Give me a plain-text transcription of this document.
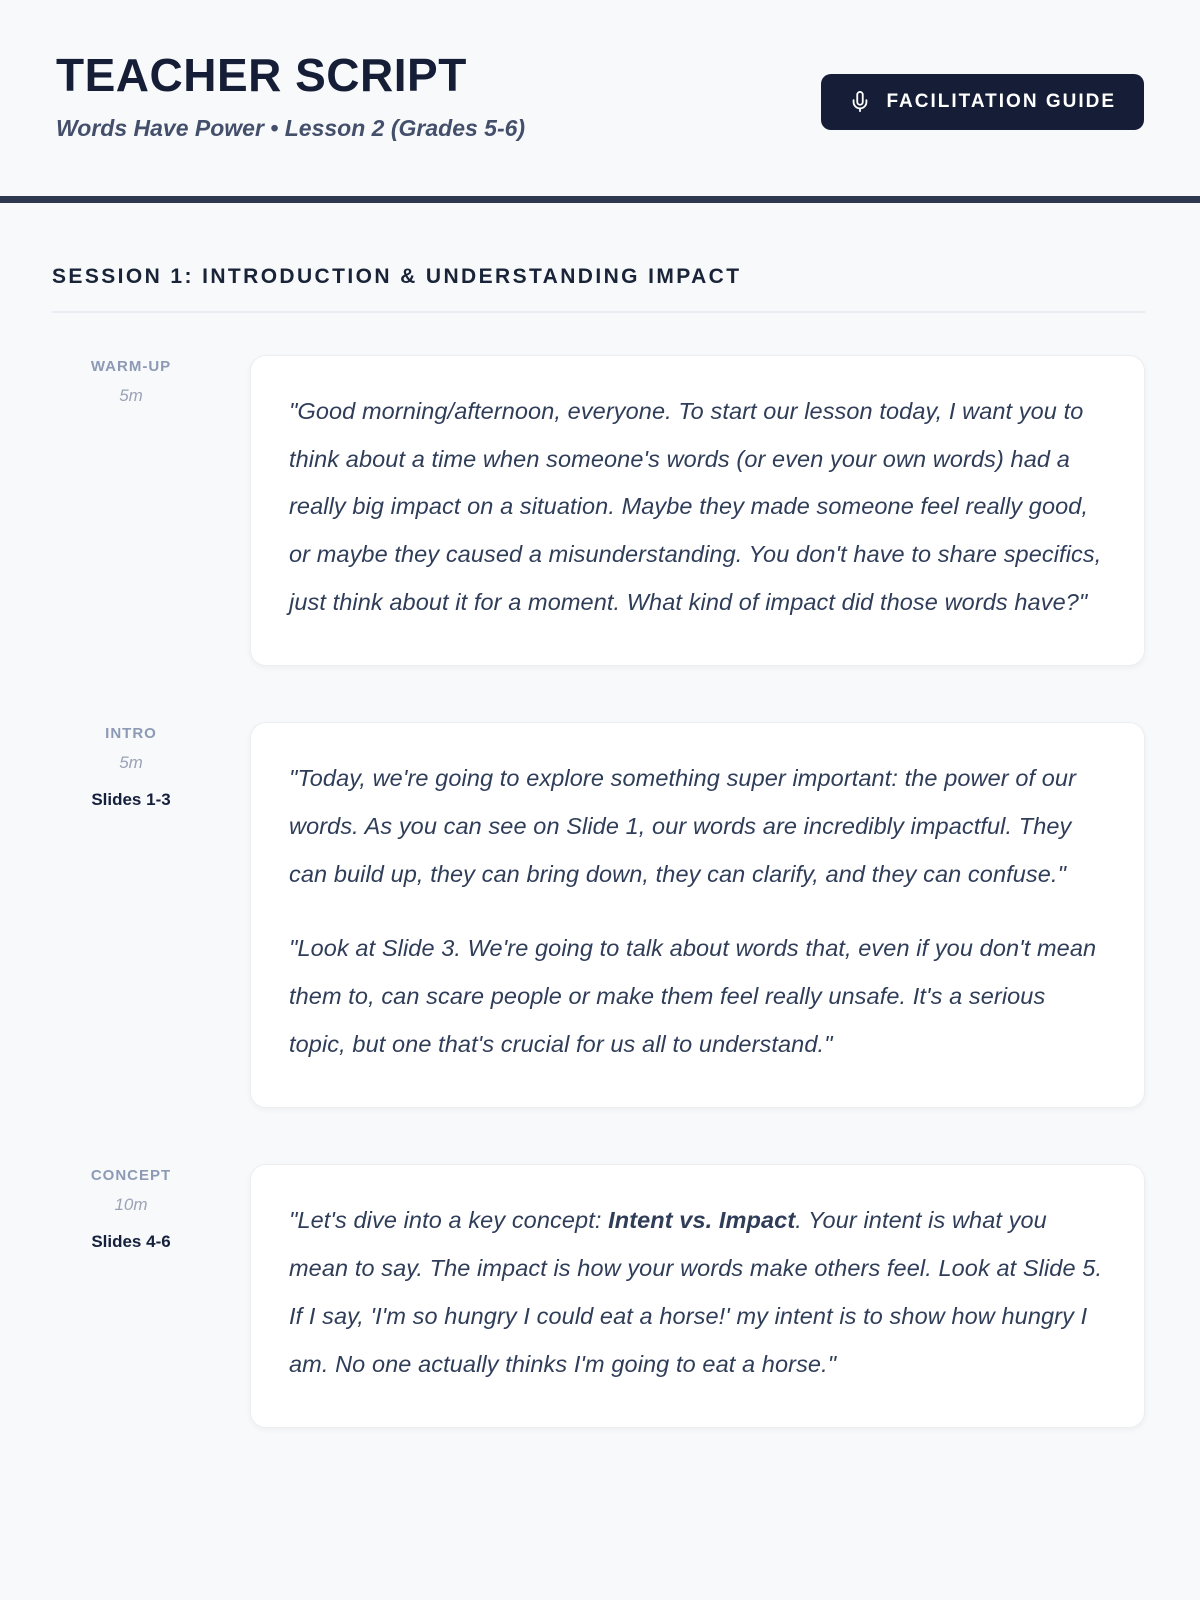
TEACHER SCRIPT

Words Have Power • Lesson 2 (Grades 5-6)

FACILITATION GUIDE
SESSION 1: INTRODUCTION & UNDERSTANDING IMPACT
WARM-UP
5m

"Good morning/afternoon, everyone. To start our lesson today, I want you to think about a time when someone's words (or even your own words) had a really big impact on a situation. Maybe they made someone feel really good, or maybe they caused a misunderstanding. You don't have to share specifics, just think about it for a moment. What kind of impact did those words have?"

INTRO
5m
Slides 1-3

"Today, we're going to explore something super important: the power of our words. As you can see on Slide 1, our words are incredibly impactful. They can build up, they can bring down, they can clarify, and they can confuse."

"Look at Slide 3. We're going to talk about words that, even if you don't mean them to, can scare people or make them feel really unsafe. It's a serious topic, but one that's crucial for us all to understand."

CONCEPT
10m
Slides 4-6

"Let's dive into a key concept: Intent vs. Impact. Your intent is what you mean to say. The impact is how your words make others feel. Look at Slide 5. If I say, 'I'm so hungry I could eat a horse!' my intent is to show how hungry I am. No one actually thinks I'm going to eat a horse."
